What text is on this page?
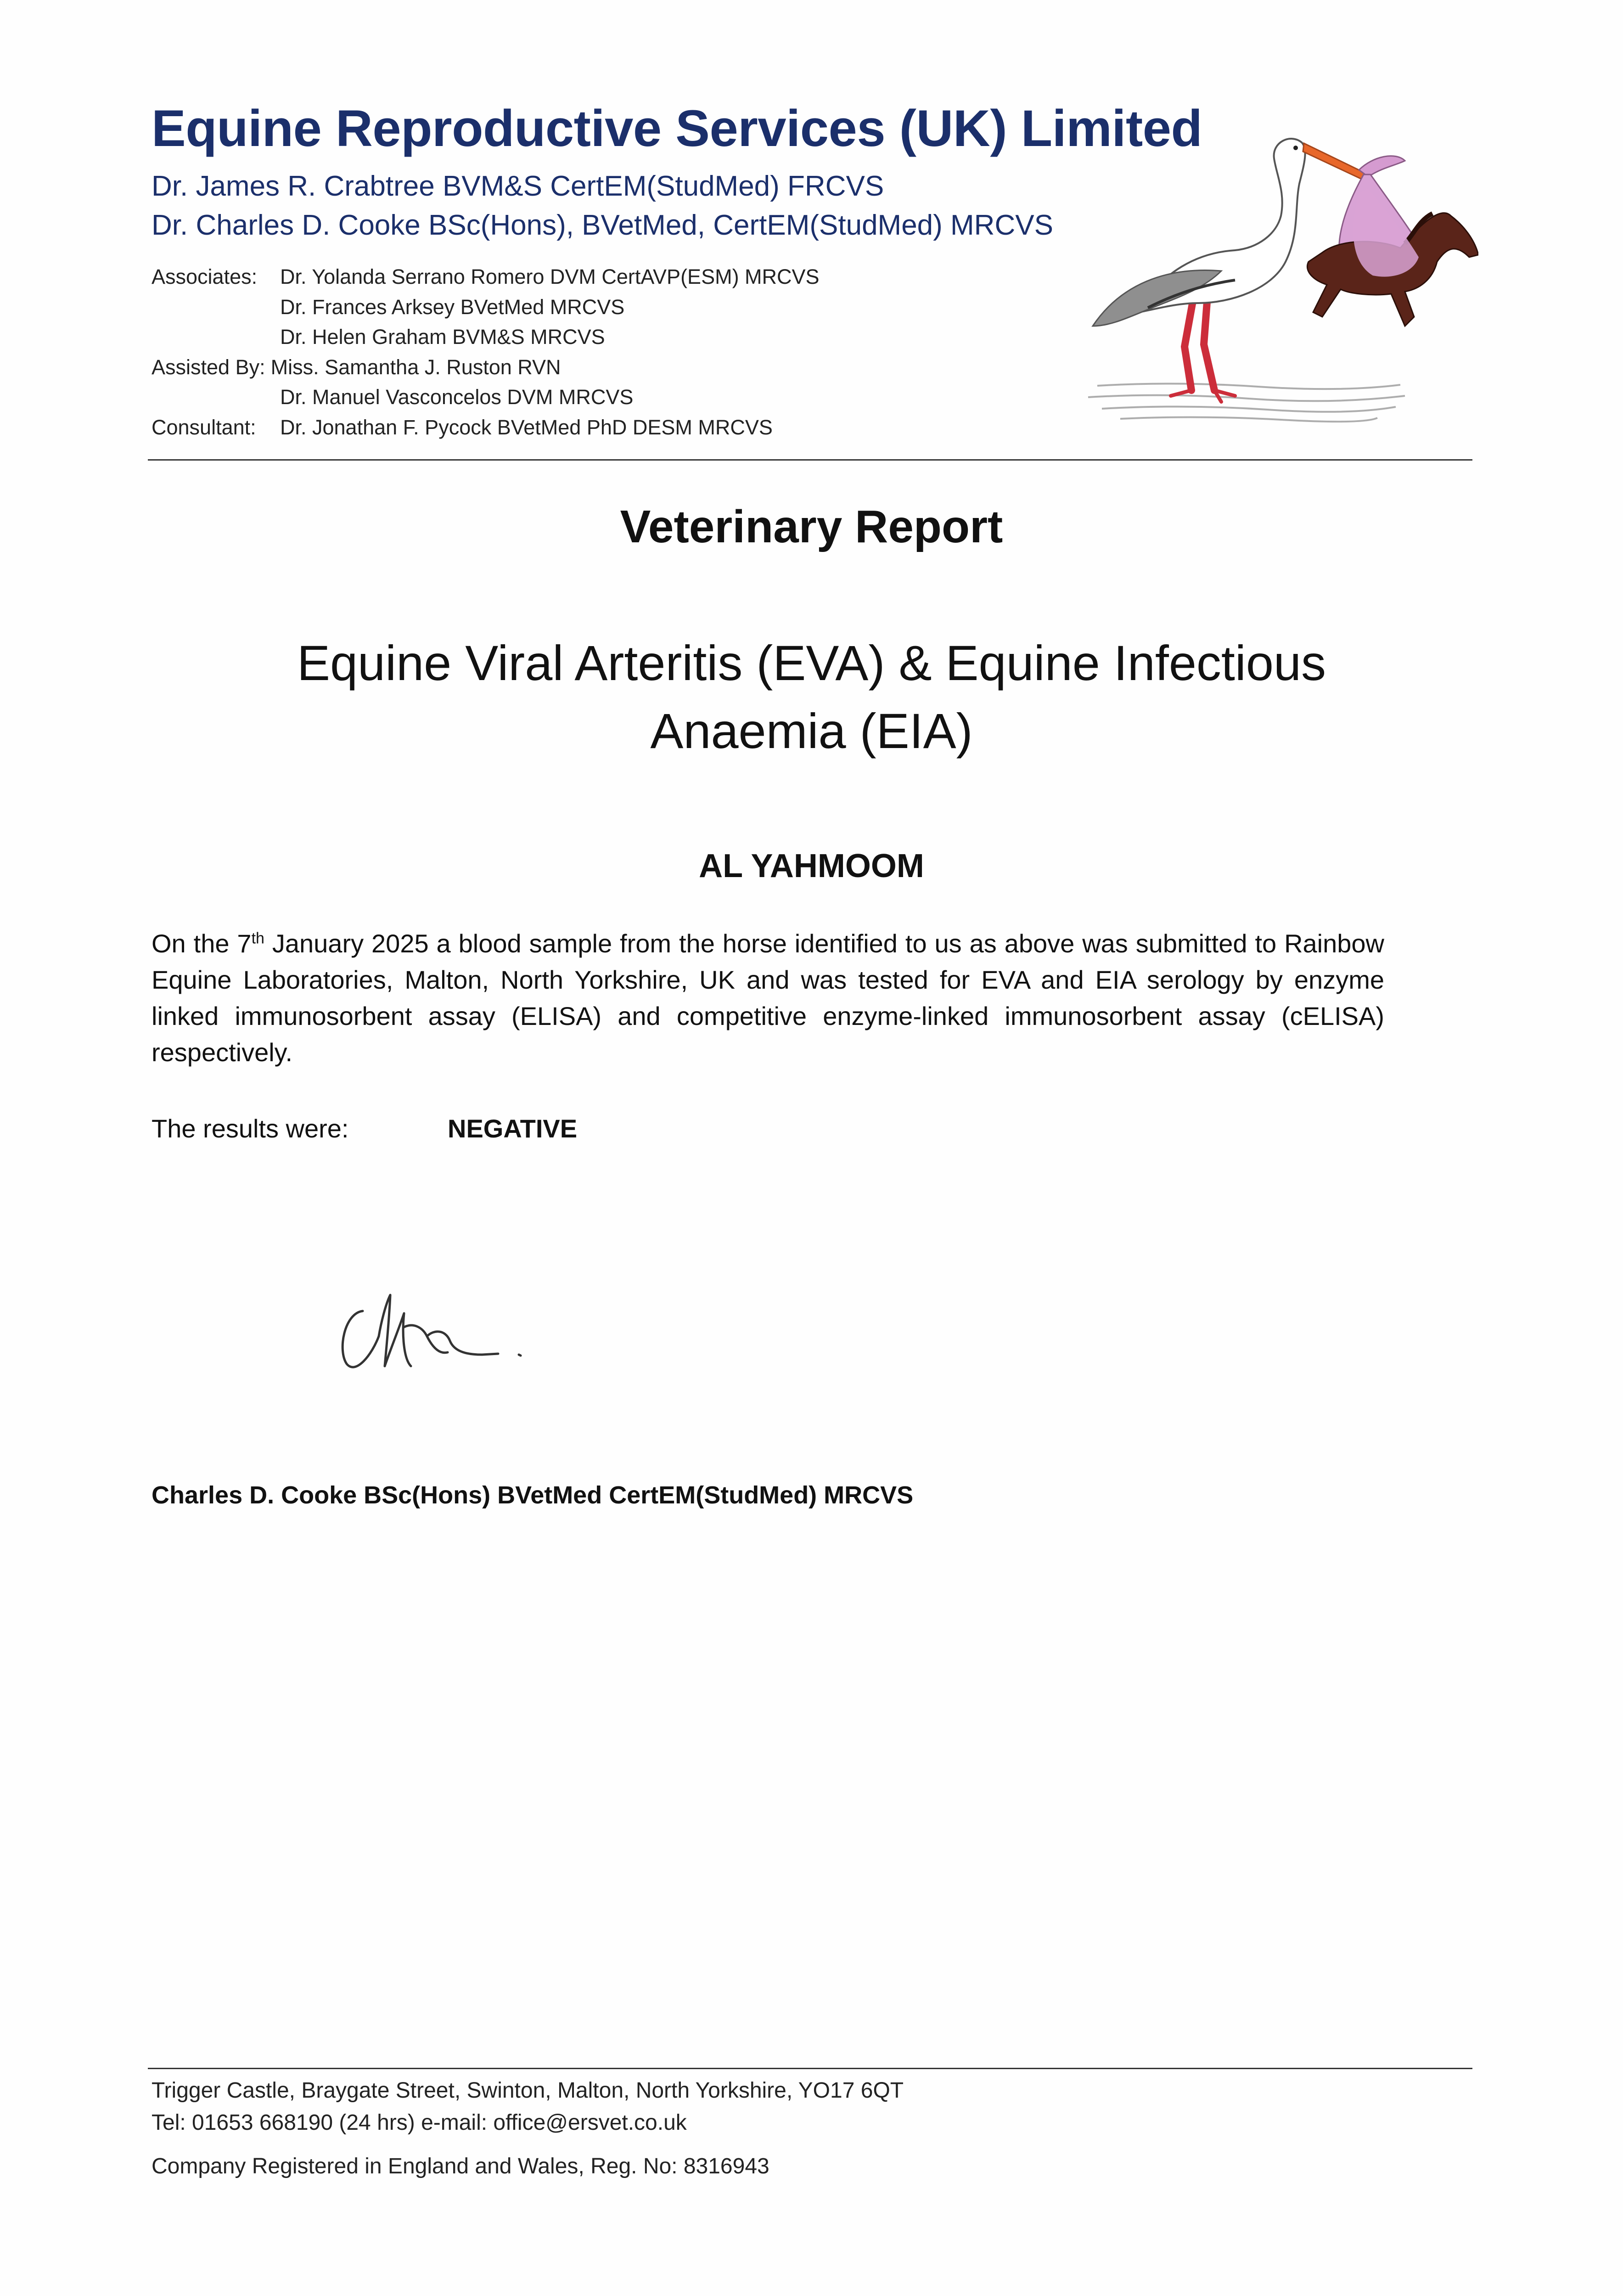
Equine Reproductive Services (UK) Limited
Dr. James R. Crabtree BVM&S CertEM(StudMed) FRCVS
Dr. Charles D. Cooke BSc(Hons), BVetMed, CertEM(StudMed) MRCVS
Associates:	Dr. Yolanda Serrano Romero DVM CertAVP(ESM) MRCVS
Dr. Frances Arksey BVetMed MRCVS
Dr. Helen Graham BVM&S MRCVS
Assisted By: Miss. Samantha J. Ruston RVN
Dr. Manuel Vasconcelos DVM MRCVS
Consultant:	Dr. Jonathan F. Pycock BVetMed PhD DESM MRCVS
Veterinary Report
Equine Viral Arteritis (EVA) & Equine Infectious
Anaemia (EIA)
AL YAHMOOM
On the 7th January 2025 a blood sample from the horse identified to us as above was submitted to Rainbow Equine Laboratories, Malton, North Yorkshire, UK and was tested for EVA and EIA serology by enzyme linked immunosorbent assay (ELISA) and competitive enzyme-linked immunosorbent assay (cELISA) respectively.
The results were:	NEGATIVE
Charles D. Cooke BSc(Hons) BVetMed CertEM(StudMed) MRCVS
Trigger Castle, Braygate Street, Swinton, Malton, North Yorkshire, YO17 6QT
Tel: 01653 668190 (24 hrs) e-mail: office@ersvet.co.uk
Company Registered in England and Wales, Reg. No: 8316943
